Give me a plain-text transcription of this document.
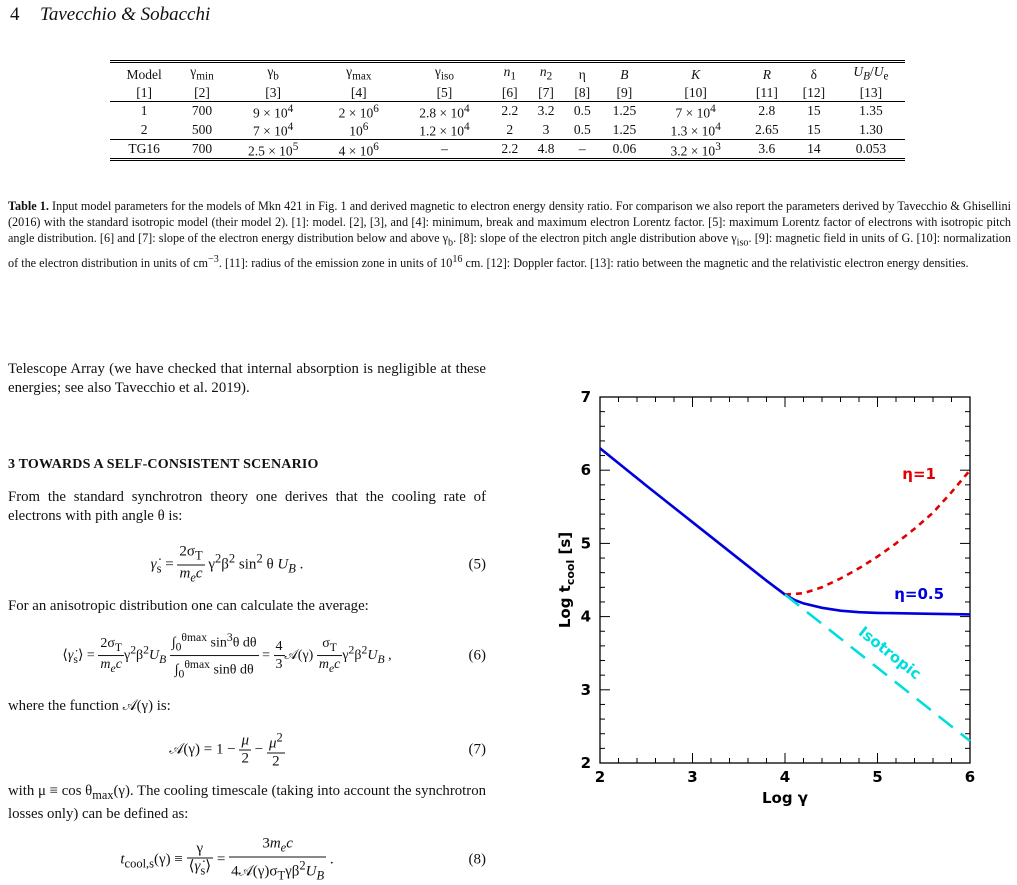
4 Tavecchio & Sobacchi
Model	$\gamma_{min}$	$\gamma_b$	$\gamma_{max}$	$\gamma_{iso}$	$n_1$	$n_2$	η	B	K	R	δ	$U_B/U_e$
[1]	[2]	[3]	[4]	[5]	[6]	[7]	[8]	[9]	[10]	[11]	[12]	[13]
1	700	$9 \times 10^4$	$2 \times 10^6$	$2.8 \times 10^4$	2.2	3.2	0.5	1.25	$7 \times 10^4$	2.8	15	1.35
2	500	$7 \times 10^4$	$10^6$	$1.2 \times 10^4$	2	3	0.5	1.25	$1.3 \times 10^4$	2.65	15	1.30
TG16	700	$2.5 \times 10^5$	$4 \times 10^6$	–	2.2	4.8	–	0.06	$3.2 \times 10^3$	3.6	14	0.053
Table 1. Input model parameters for the models of Mkn 421 in Fig. 1 and derived magnetic to electron energy density ratio. For comparison we also report the parameters derived by Tavecchio & Ghisellini (2016) with the standard isotropic model (their model 2). [1]: model. [2], [3], and [4]: minimum, break and maximum electron Lorentz factor. [5]: maximum Lorentz factor of electrons with isotropic pitch angle distribution. [6] and [7]: slope of the electron energy distribution below and above $\gamma_b$. [8]: slope of the electron pitch angle distribution above $\gamma_{iso}$. [9]: magnetic field in units of G. [10]: normalization of the electron distribution in units of $cm^{-3}$. [11]: radius of the emission zone in units of $10^{16}$ cm. [12]: Doppler factor. [13]: ratio between the magnetic and the relativistic electron energy densities.
Telescope Array (we have checked that internal absorption is negligible at these energies; see also Tavecchio et al. 2019).
3 TOWARDS A SELF-CONSISTENT SCENARIO
From the standard synchrotron theory one derives that the cooling rate of electrons with pith angle θ is:
$\gammȧ_s = \frac{2\sigma_T}{m_ec} \gamma^2\beta^2$ $\sin^2 \theta$ $U_B$ .	(5)
For an anisotropic distribution one can calculate the average:
$⟨\gammȧ_s⟩ = \frac{2\sigma_T}{m_ec} \gamma^2\beta^2U_B \frac{\int_0^{\theta max} \sin^3\theta d\theta}{\int_0^{\theta max} \sin\theta d\theta} = \frac{4}{3}$ 𝒜(γ) $\frac{\sigma_T}{m_ec} \gamma^2\beta^2U_B$ ,	(6)
where the function 𝒜(γ) is:
𝒜(γ) = $1 - \frac{\mu}{2} - \frac{\mu^2}{2}$	(7)
with $\mu \equiv \cos \theta_{max}(\gamma)$. The cooling timescale (taking into account the synchrotron losses only) can be defined as:
$t_{cool,s}(\gamma) \equiv \frac{\gamma}{⟨\gammȧ_s⟩} = \frac{3m_ec}{4𝒜(\gamma)\sigma_T\gamma\beta^2U_B}$ .	(8)
2	3	4	5	6
2
3
4
5
6
7
Log γ
Log $t_{cool}$ [s]
η=1
η=0.5
Isotropic
